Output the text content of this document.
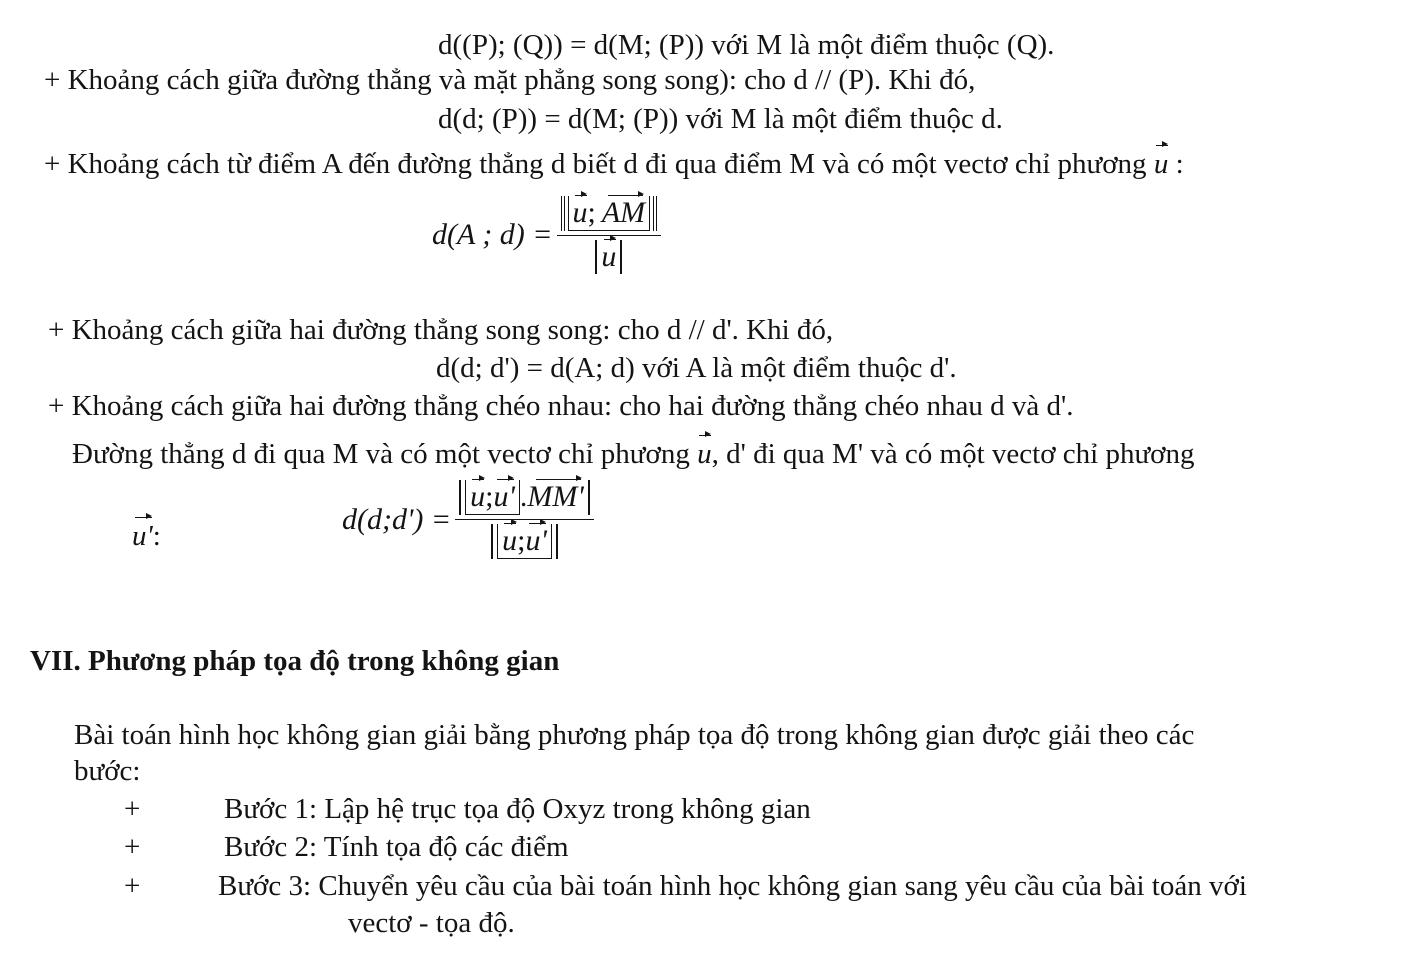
d((P); (Q)) = d(M; (P)) với M là một điểm thuộc (Q).
+ Khoảng cách giữa đường thẳng và mặt phẳng song song): cho d // (P). Khi đó,
d(d; (P)) = d(M; (P)) với M là một điểm thuộc d.
+ Khoảng cách từ điểm A đến đường thẳng d biết d đi qua điểm M và có một vectơ chỉ phương u :
d(A ; $d) = \frac{u; AM}{u}$
+ Khoảng cách giữa hai đường thẳng song song: cho d // d'. Khi đó,
d(d; d') = d(A; d) với A là một điểm thuộc d'.
+ Khoảng cách giữa hai đường thẳng chéo nhau: cho hai đường thẳng chéo nhau d và d'.
Đường thẳng d đi qua M và có một vectơ chỉ phương u, d' đi qua M' và có một vectơ chỉ phương
u':
d(d;d') = $\frac{u;u' .MM'}{u;u'}$
VII. Phương pháp tọa độ trong không gian
Bài toán hình học không gian giải bằng phương pháp tọa độ trong không gian được giải theo các
bước:
+	Bước 1: Lập hệ trục tọa độ Oxyz trong không gian
+	Bước 2: Tính tọa độ các điểm
+	Bước 3: Chuyển yêu cầu của bài toán hình học không gian sang yêu cầu của bài toán với
vectơ - tọa độ.
